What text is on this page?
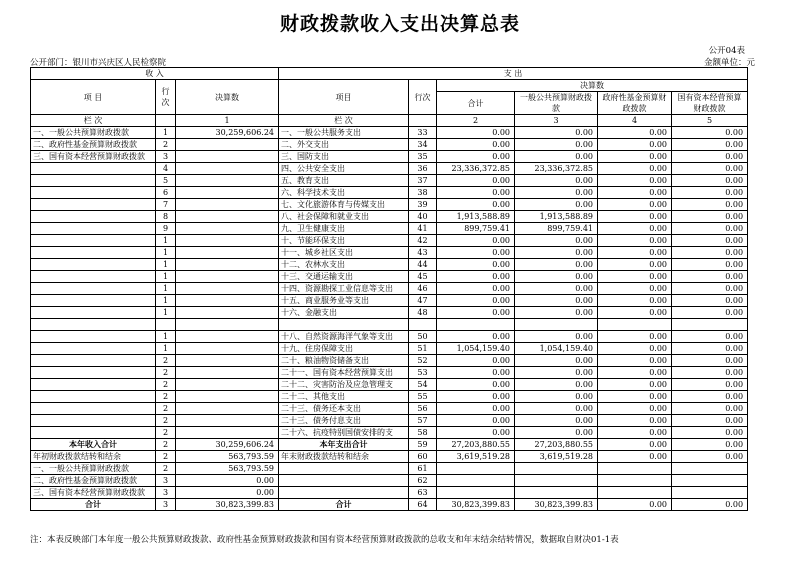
财政拨款收入支出决算总表
公开04表
公开部门：银川市兴庆区人民检察院	金额单位：元
收 入			支 出					
项 目	行次	决算数	项目	行次	决算数			
					合计	一般公共预算财政拨款	政府性基金预算财政拨款	国有资本经营预算财政拨款
栏 次		1	栏 次		2	3	4	5
一、一般公共预算财政拨款	1	30,259,606.24	一、一般公共服务支出	33	0.00	0.00	0.00	0.00
二、政府性基金预算财政拨款	2		二、外交支出	34	0.00	0.00	0.00	0.00
三、国有资本经营预算财政拨款	3		三、国防支出	35	0.00	0.00	0.00	0.00
	4		四、公共安全支出	36	23,336,372.85	23,336,372.85	0.00	0.00
	5		五、教育支出	37	0.00	0.00	0.00	0.00
	6		六、科学技术支出	38	0.00	0.00	0.00	0.00
	7		七、文化旅游体育与传媒支出	39	0.00	0.00	0.00	0.00
	8		八、社会保障和就业支出	40	1,913,588.89	1,913,588.89	0.00	0.00
	9		九、卫生健康支出	41	899,759.41	899,759.41	0.00	0.00
	1		十、节能环保支出	42	0.00	0.00	0.00	0.00
	1		十一、城乡社区支出	43	0.00	0.00	0.00	0.00
	1		十二、农林水支出	44	0.00	0.00	0.00	0.00
	1		十三、交通运输支出	45	0.00	0.00	0.00	0.00
	1		十四、资源勘探工业信息等支出	46	0.00	0.00	0.00	0.00
	1		十五、商业服务业等支出	47	0.00	0.00	0.00	0.00
	1		十六、金融支出	48	0.00	0.00	0.00	0.00

	1		十八、自然资源海洋气象等支出	50	0.00	0.00	0.00	0.00
	1		十九、住房保障支出	51	1,054,159.40	1,054,159.40	0.00	0.00
	2		二十、粮油物资储备支出	52	0.00	0.00	0.00	0.00
	2		二十一、国有资本经营预算支出	53	0.00	0.00	0.00	0.00
	2		二十二、灾害防治及应急管理支	54	0.00	0.00	0.00	0.00
	2		二十二、其他支出	55	0.00	0.00	0.00	0.00
	2		二十三、债务还本支出	56	0.00	0.00	0.00	0.00
	2		二十三、债务付息支出	57	0.00	0.00	0.00	0.00
	2		二十六、抗疫特别国债安排的支	58	0.00	0.00	0.00	0.00
本年收入合计	2	30,259,606.24	本年支出合计	59	27,203,880.55	27,203,880.55	0.00	0.00
年初财政拨款结转和结余	2	563,793.59	年末财政拨款结转和结余	60	3,619,519.28	3,619,519.28	0.00	0.00
一、一般公共预算财政拨款	2	563,793.59		61				
二、政府性基金预算财政拨款	3	0.00		62				
三、国有资本经营预算财政拨款	3	0.00		63				
合计	3	30,823,399.83	合计	64	30,823,399.83	30,823,399.83	0.00	0.00
注：本表反映部门本年度一般公共预算财政拨款、政府性基金预算财政拨款和国有资本经营预算财政拨款的总收支和年末结余结转情况，数据取自财决01-1表
